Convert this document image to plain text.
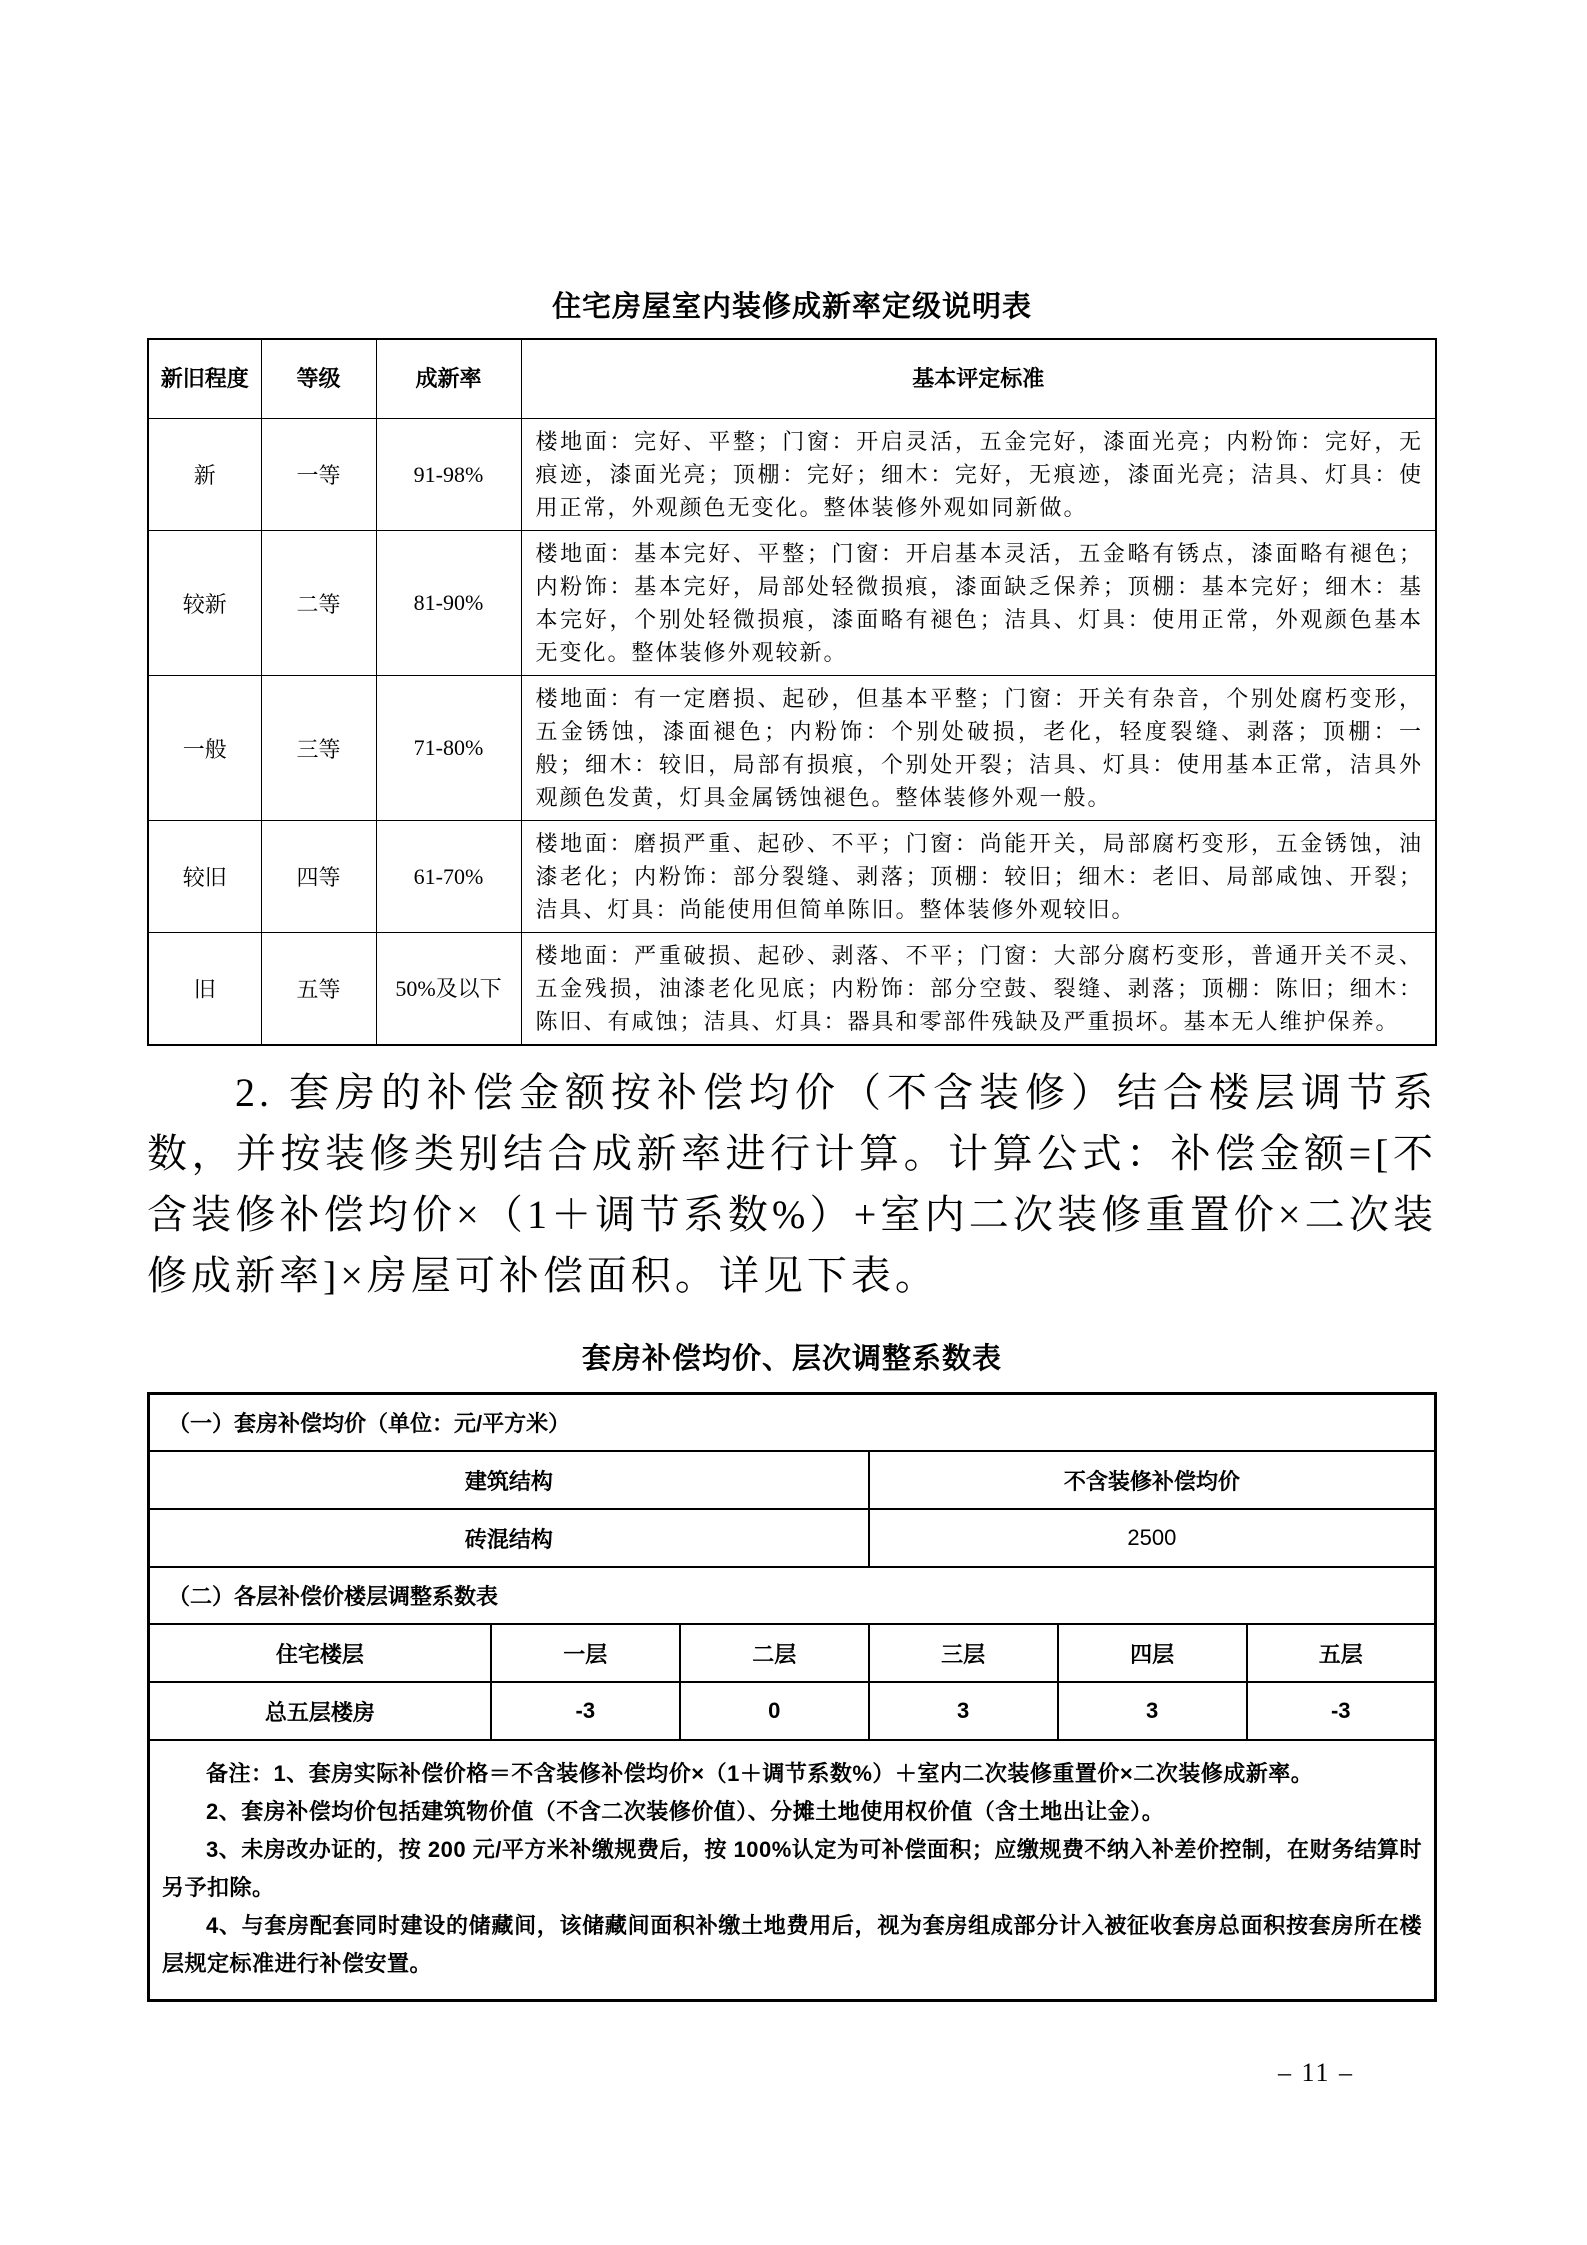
住宅房屋室内装修成新率定级说明表
新旧程度	等级	成新率	基本评定标准
新	一等	91-98%	楼地面：完好、平整；门窗：开启灵活，五金完好，漆面光亮；内粉饰：完好，无痕迹，漆面光亮；顶棚：完好；细木：完好，无痕迹，漆面光亮；洁具、灯具：使用正常，外观颜色无变化。整体装修外观如同新做。
较新	二等	81-90%	楼地面：基本完好、平整；门窗：开启基本灵活，五金略有锈点，漆面略有褪色；内粉饰：基本完好，局部处轻微损痕，漆面缺乏保养；顶棚：基本完好；细木：基本完好，个别处轻微损痕，漆面略有褪色；洁具、灯具：使用正常，外观颜色基本无变化。整体装修外观较新。
一般	三等	71-80%	楼地面：有一定磨损、起砂，但基本平整；门窗：开关有杂音，个别处腐朽变形，五金锈蚀，漆面褪色；内粉饰：个别处破损，老化，轻度裂缝、剥落；顶棚：一般；细木：较旧，局部有损痕，个别处开裂；洁具、灯具：使用基本正常，洁具外观颜色发黄，灯具金属锈蚀褪色。整体装修外观一般。
较旧	四等	61-70%	楼地面：磨损严重、起砂、不平；门窗：尚能开关，局部腐朽变形，五金锈蚀，油漆老化；内粉饰：部分裂缝、剥落；顶棚：较旧；细木：老旧、局部咸蚀、开裂；洁具、灯具：尚能使用但简单陈旧。整体装修外观较旧。
旧	五等	50%及以下	楼地面：严重破损、起砂、剥落、不平；门窗：大部分腐朽变形，普通开关不灵、五金残损，油漆老化见底；内粉饰：部分空鼓、裂缝、剥落；顶棚：陈旧；细木：陈旧、有咸蚀；洁具、灯具：器具和零部件残缺及严重损坏。基本无人维护保养。

2. 套房的补偿金额按补偿均价（不含装修）结合楼层调节系数，并按装修类别结合成新率进行计算。计算公式：补偿金额=[不含装修补偿均价×（1＋调节系数%）+室内二次装修重置价×二次装修成新率]×房屋可补偿面积。详见下表。

套房补偿均价、层次调整系数表
（一）套房补偿均价（单位：元/平方米）					
建筑结构			不含装修补偿均价		
砖混结构			2500		
（二）各层补偿价楼层调整系数表					
住宅楼层	一层	二层	三层	四层	五层
总五层楼房	-3	0	3	3	-3

备注：1、套房实际补偿价格＝不含装修补偿均价×（1＋调节系数%）＋室内二次装修重置价×二次装修成新率。

2、套房补偿均价包括建筑物价值（不含二次装修价值）、分摊土地使用权价值（含土地出让金）。

3、未房改办证的，按 200 元/平方米补缴规费后，按 100%认定为可补偿面积；应缴规费不纳入补差价控制，在财务结算时另予扣除。

4、与套房配套同时建设的储藏间，该储藏间面积补缴土地费用后，视为套房组成部分计入被征收套房总面积按套房所在楼层规定标准进行补偿安置。					

– 11 –
